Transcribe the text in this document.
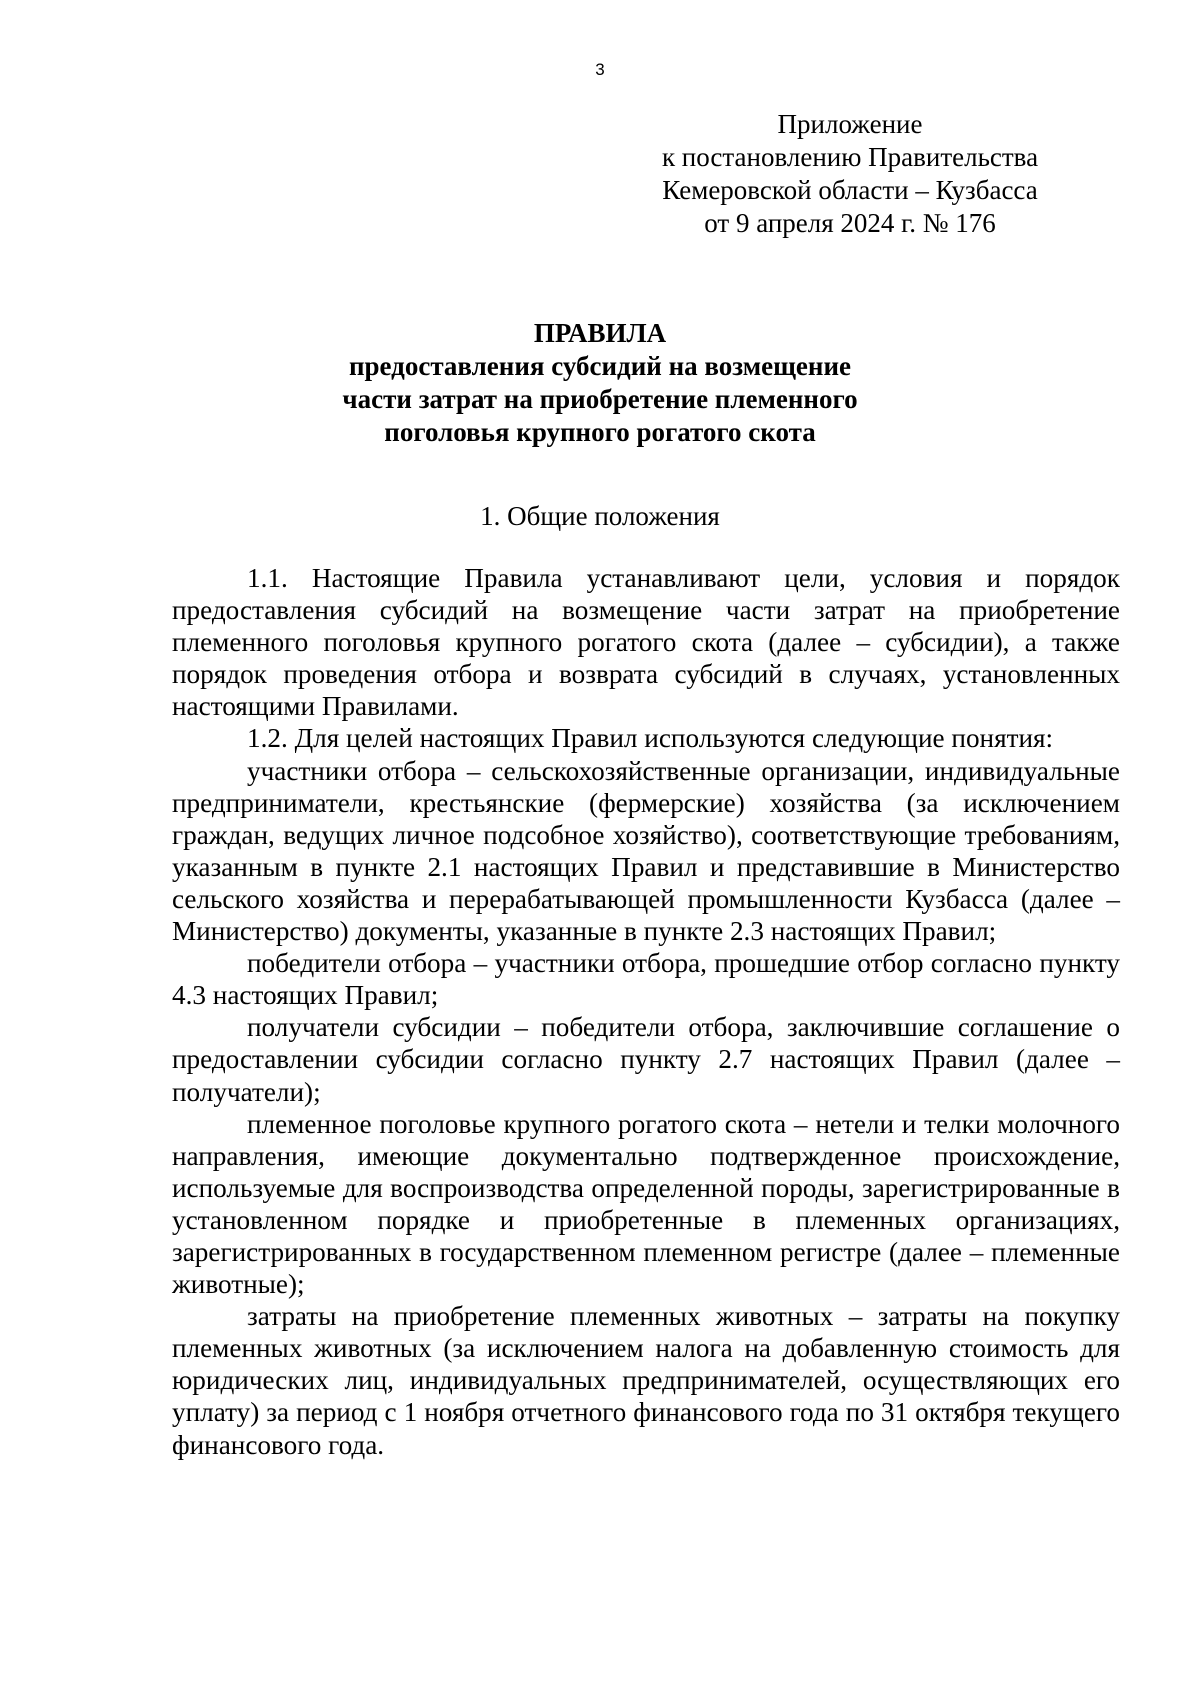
3
Приложение
к постановлению Правительства
Кемеровской области – Кузбасса
от 9 апреля 2024 г. № 176
ПРАВИЛА
предоставления субсидий на возмещение
части затрат на приобретение племенного
поголовья крупного рогатого скота
1. Общие положения

1.1. Настоящие Правила устанавливают цели, условия и порядок предоставления субсидий на возмещение части затрат на приобретение племенного поголовья крупного рогатого скота (далее – субсидии), а также порядок проведения отбора и возврата субсидий в случаях, установленных настоящими Правилами.

1.2. Для целей настоящих Правил используются следующие понятия:

участники отбора – сельскохозяйственные организации, индивидуальные предприниматели, крестьянские (фермерские) хозяйства (за исключением граждан, ведущих личное подсобное хозяйство), соответствующие требованиям, указанным в пункте 2.1 настоящих Правил и представившие в Министерство сельского хозяйства и перерабатывающей промышленности Кузбасса (далее – Министерство) документы, указанные в пункте 2.3 настоящих Правил;

победители отбора – участники отбора, прошедшие отбор согласно пункту 4.3 настоящих Правил;

получатели субсидии – победители отбора, заключившие соглашение о предоставлении субсидии согласно пункту 2.7 настоящих Правил (далее – получатели);

племенное поголовье крупного рогатого скота – нетели и телки молочного направления, имеющие документально подтвержденное происхождение, используемые для воспроизводства определенной породы, зарегистрированные в установленном порядке и приобретенные в племенных организациях, зарегистрированных в государственном племенном регистре (далее – племенные животные);

затраты на приобретение племенных животных – затраты на покупку племенных животных (за исключением налога на добавленную стоимость для юридических лиц, индивидуальных предпринимателей, осуществляющих его уплату) за период с 1 ноября отчетного финансового года по 31 октября текущего финансового года.
